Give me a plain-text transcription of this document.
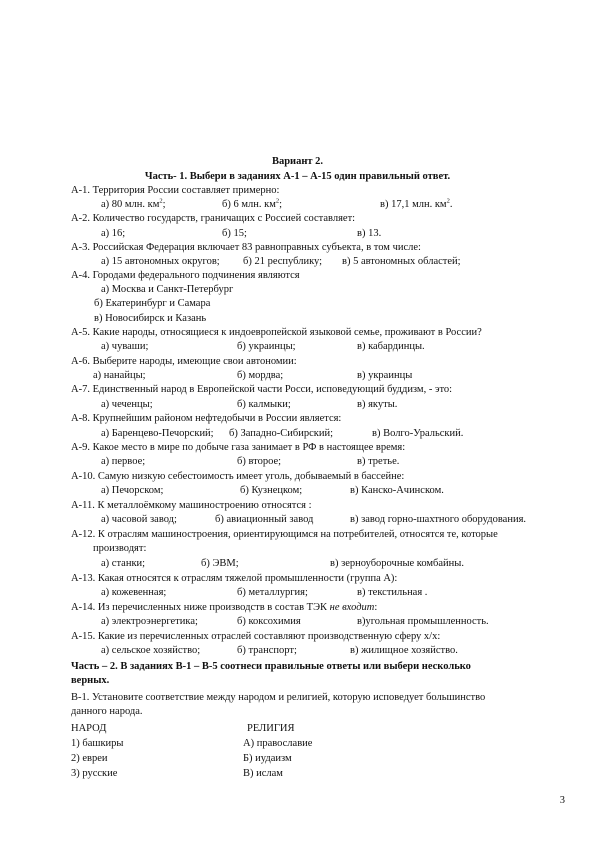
Вариант 2.
Часть- 1. Выбери в заданиях А-1 – А-15 один правильный ответ.
А-1. Территория России составляет примерно:
а) 80 млн. $км^2$;	б) 6 млн. $км^2$;	в) 17,1 млн. $км^2$.
А-2. Количество государств, граничащих с Россией составляет:
а) 16;	б) 15;	в) 13.
А-3. Российская Федерация включает 83 равноправных субъекта, в том числе:
а) 15 автономных округов; б) 21 республику; в) 5 автономных областей;
А-4. Городами федерального подчинения являются
а) Москва и Санкт-Петербург
б) Екатеринбург и Самара
в) Новосибирск и Казань
А-5. Какие народы, относящиеся к индоевропейской языковой семье, проживают в России?
а) чуваши;	б) украинцы;	в) кабардинцы.
А-6. Выберите народы, имеющие свои автономии:
а) нанайцы;	б) мордва;	в) украинцы
А-7. Единственный народ в Европейской части Росси, исповедующий буддизм, - это:
а) чеченцы;	б) калмыки;	в) якуты.
А-8. Крупнейшим районом нефтедобычи в России является:
а) Баренцево-Печорский; б) Западно-Сибирский;	в) Волго-Уральский.
А-9. Какое место в мире по добыче газа занимает в РФ в настоящее время:
а) первое;	б) второе;	в) третье.
А-10. Самую низкую себестоимость имеет уголь, добываемый в бассейне:
а) Печорском;	б) Кузнецком;	в) Канско-Ачинском.
А-11. К металлоёмкому машиностроению относятся :
а) часовой завод;	б) авиационный завод	в) завод горно-шахтного оборудования.
А-12. К отраслям машиностроения, ориентирующимся на потребителей, относятся те, которые
производят:
а) станки;	б) ЭВМ;	в) зерноуборочные комбайны.
А-13. Какая относятся к отраслям тяжелой промышленности (группа А):
а) кожевенная;	б) металлургия;	в) текстильная .
А-14. Из перечисленных ниже производств в состав ТЭК не входит:
а) электроэнергетика;	б) коксохимия	в)угольная промышленность.
А-15. Какие из перечисленных отраслей составляют производственную сферу х/х:
а) сельское хозяйство;	б) транспорт;	в) жилищное хозяйство.
Часть – 2. В заданиях В-1 – В-5 соотнеси правильные ответы или выбери несколько
верных.
В-1. Установите соответствие между народом и религией, которую исповедует большинство
данного народа.
НАРОД	РЕЛИГИЯ
1) башкиры	А) православие
2) евреи	Б) иудаизм
3) русские	В) ислам
3
